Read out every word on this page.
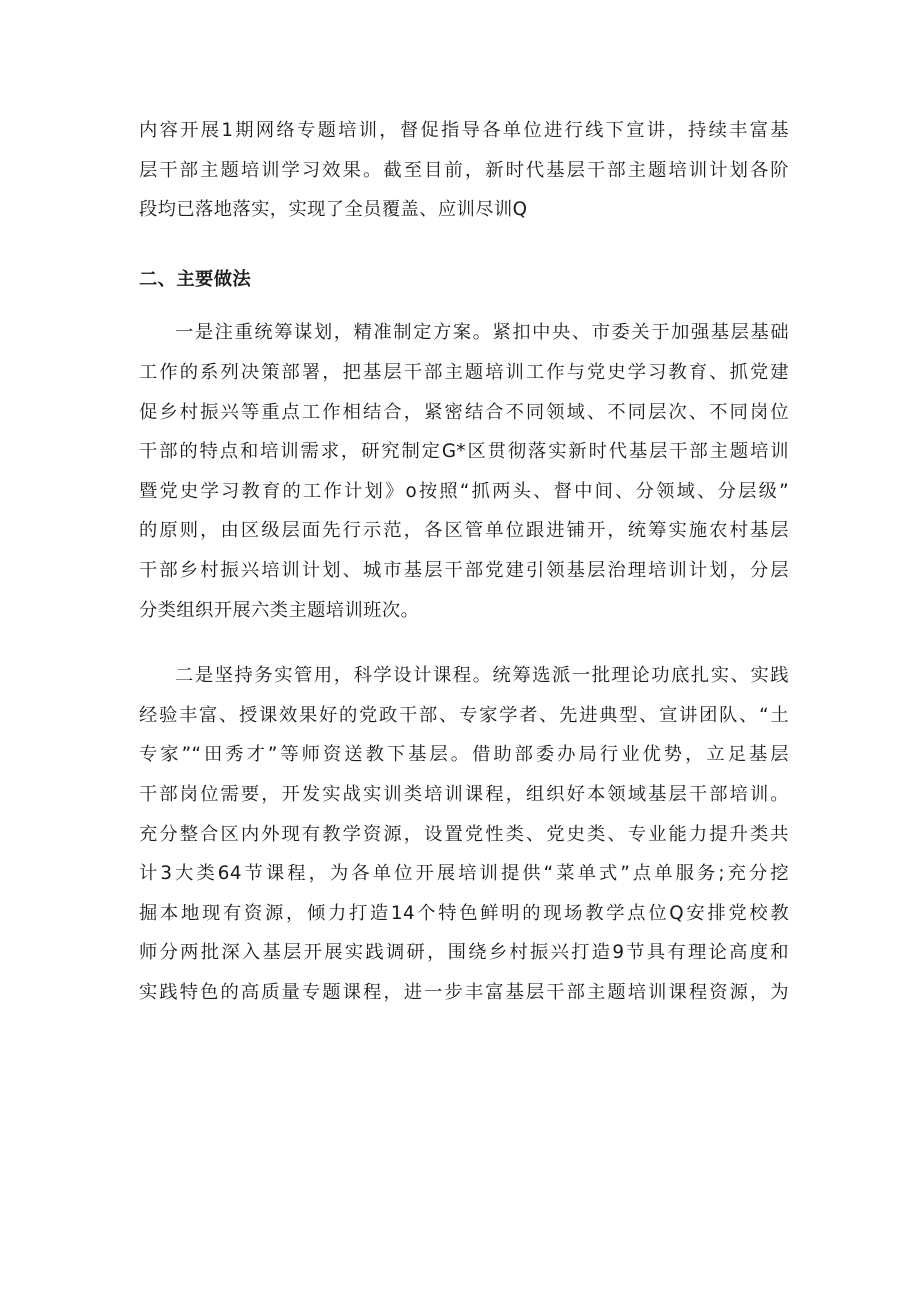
内容开展1期网络专题培训，督促指导各单位进行线下宣讲，持续丰富基
层干部主题培训学习效果。截至目前，新时代基层干部主题培训计划各阶
段均已落地落实，实现了全员覆盖、应训尽训Q

二、主要做法

一是注重统筹谋划，精准制定方案。紧扣中央、市委关于加强基层基础
工作的系列决策部署，把基层干部主题培训工作与党史学习教育、抓党建
促乡村振兴等重点工作相结合，紧密结合不同领域、不同层次、不同岗位
干部的特点和培训需求，研究制定G*区贯彻落实新时代基层干部主题培训
暨党史学习教育的工作计划》o按照“抓两头、督中间、分领域、分层级”
的原则，由区级层面先行示范，各区管单位跟进铺开，统筹实施农村基层
干部乡村振兴培训计划、城市基层干部党建引领基层治理培训计划，分层
分类组织开展六类主题培训班次。

二是坚持务实管用，科学设计课程。统筹选派一批理论功底扎实、实践
经验丰富、授课效果好的党政干部、专家学者、先进典型、宣讲团队、“土
专家”“田秀才”等师资送教下基层。借助部委办局行业优势，立足基层
干部岗位需要，开发实战实训类培训课程，组织好本领域基层干部培训。
充分整合区内外现有教学资源，设置党性类、党史类、专业能力提升类共
计3大类64节课程，为各单位开展培训提供“菜单式”点单服务;充分挖
掘本地现有资源，倾力打造14个特色鲜明的现场教学点位Q安排党校教
师分两批深入基层开展实践调研，围绕乡村振兴打造9节具有理论高度和
实践特色的高质量专题课程，进一步丰富基层干部主题培训课程资源，为
